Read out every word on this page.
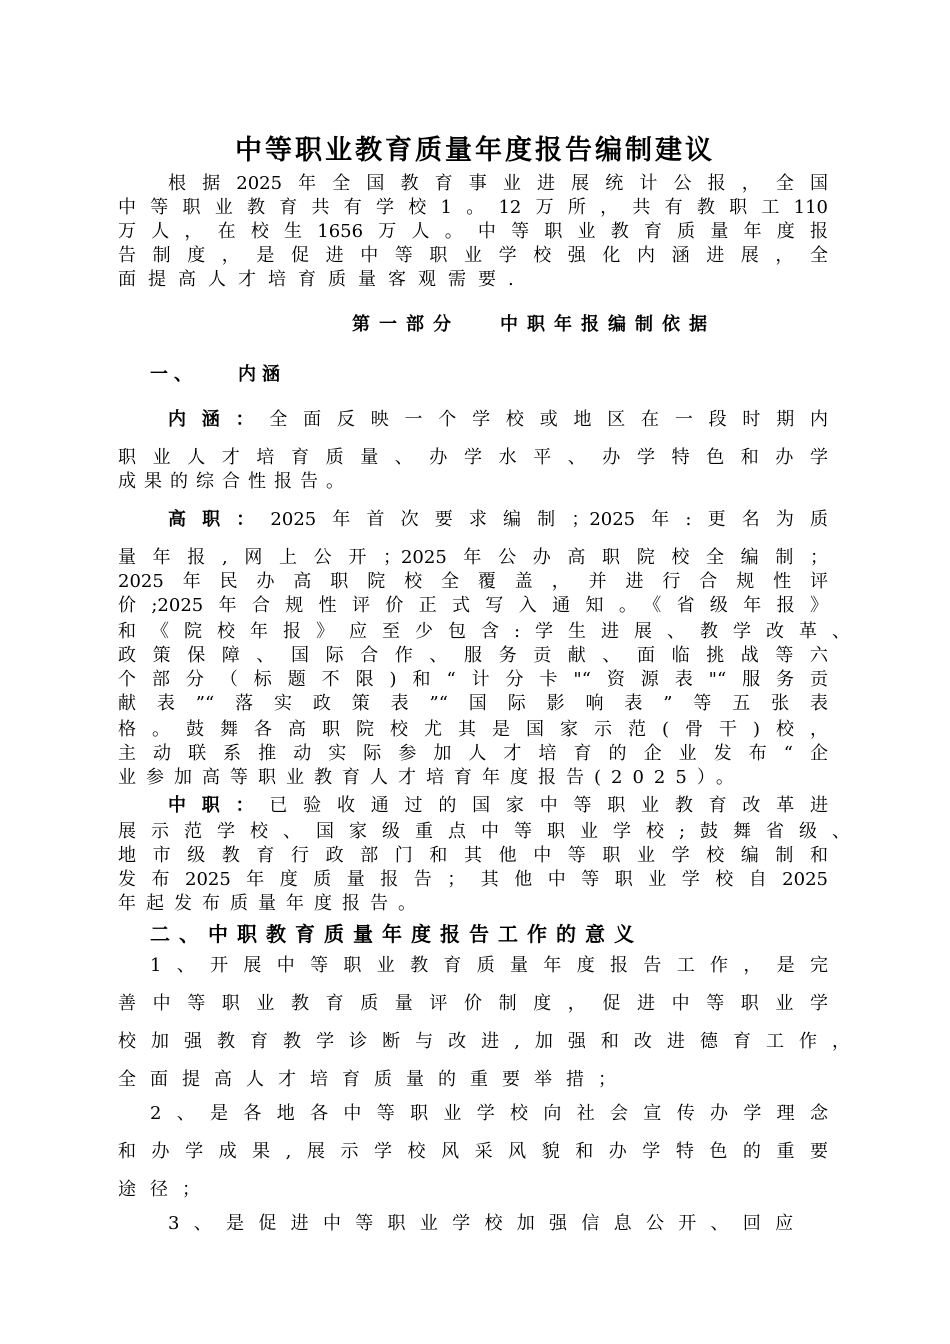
中等职业教育质量年度报告编制建议

根据2025年全国教育事业进展统计公报，全国

中等职业教育共有学校1。12万所，共有教职工110

万人，在校生1656万人。中等职业教育质量年度报

告制度，是促进中等职业学校强化内涵进展，全

面提高人才培育质量客观需要.

第一部分 中职年报编制依据

一、 内涵

内涵：全面反映一个学校或地区在一段时期内

职业人才培育质量、办学水平、办学特色和办学

成果的综合性报告。

高职：2025年首次要求编制；2025年:更名为质

量年报,网上公开；2025年公办高职院校全编制；

2025年民办高职院校全覆盖，并进行合规性评

价;2025年合规性评价正式写入通知。《省级年报》

和《院校年报》应至少包含:学生进展、教学改革、

政策保障、国际合作、服务贡献、面临挑战等六

个部分（标题不限)和“计分卡"“资源表"“服务贡

献表”“落实政策表”“国际影响表”等五张表

格。鼓舞各高职院校尤其是国家示范(骨干)校，

主动联系推动实际参加人才培育的企业发布“企

业参加高等职业教育人才培育年度报告(2025）。

中职：已验收通过的国家中等职业教育改革进

展示范学校、国家级重点中等职业学校;鼓舞省级、

地市级教育行政部门和其他中等职业学校编制和

发布2025年度质量报告；其他中等职业学校自2025

年起发布质量年度报告。

二、中职教育质量年度报告工作的意义

1、开展中等职业教育质量年度报告工作，是完

善中等职业教育质量评价制度，促进中等职业学

校加强教育教学诊断与改进,加强和改进德育工作，

全面提高人才培育质量的重要举措；

2、是各地各中等职业学校向社会宣传办学理念

和办学成果,展示学校风采风貌和办学特色的重要

途径；

3、是促进中等职业学校加强信息公开、回应
